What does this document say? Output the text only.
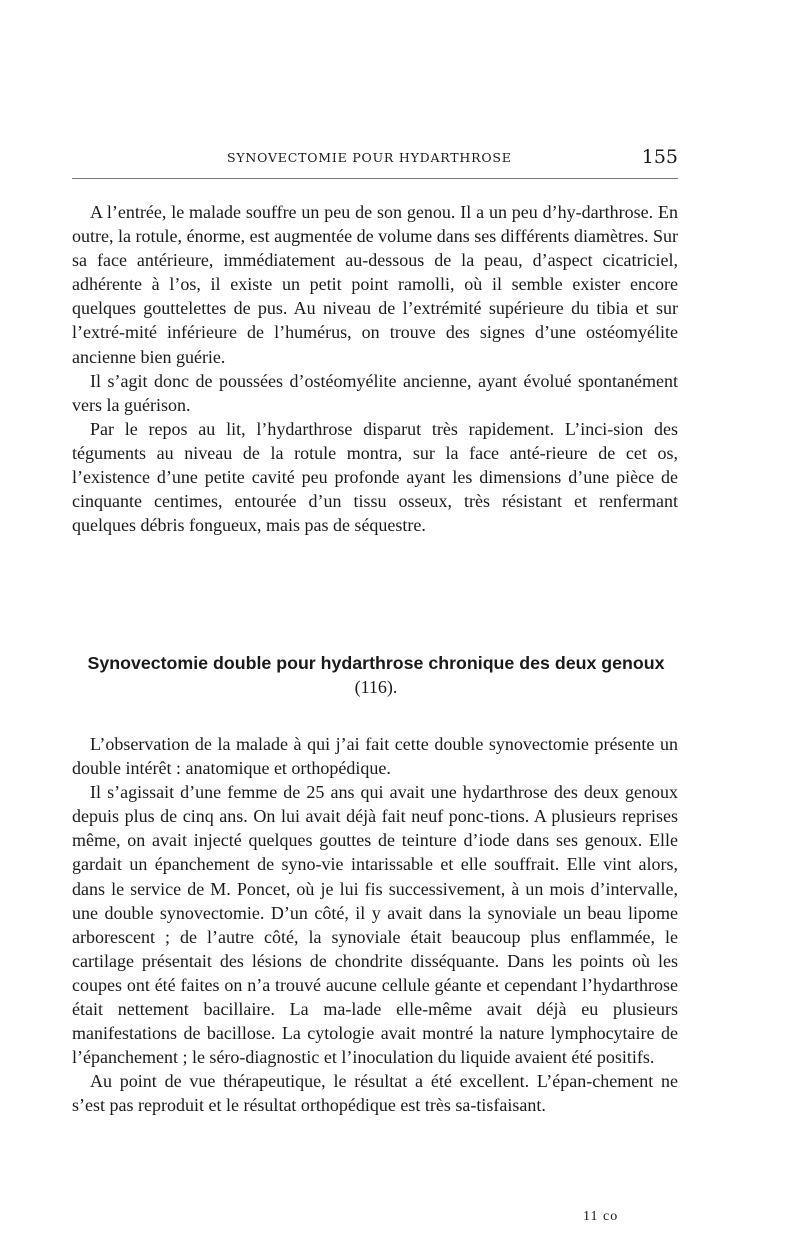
SYNOVECTOMIE POUR HYDARTHROSE	155

A l’entrée, le malade souffre un peu de son genou. Il a un peu d’hy-darthrose. En outre, la rotule, énorme, est augmentée de volume dans ses différents diamètres. Sur sa face antérieure, immédiatement au-dessous de la peau, d’aspect cicatriciel, adhérente à l’os, il existe un petit point ramolli, où il semble exister encore quelques gouttelettes de pus. Au niveau de l’extrémité supérieure du tibia et sur l’extré-mité inférieure de l’humérus, on trouve des signes d’une ostéomyélite ancienne bien guérie.

Il s’agit donc de poussées d’ostéomyélite ancienne, ayant évolué spontanément vers la guérison.

Par le repos au lit, l’hydarthrose disparut très rapidement. L’inci-sion des téguments au niveau de la rotule montra, sur la face anté-rieure de cet os, l’existence d’une petite cavité peu profonde ayant les dimensions d’une pièce de cinquante centimes, entourée d’un tissu osseux, très résistant et renfermant quelques débris fongueux, mais pas de séquestre.

Synovectomie double pour hydarthrose chronique des deux genoux
(116).

L’observation de la malade à qui j’ai fait cette double synovectomie présente un double intérêt : anatomique et orthopédique.

Il s’agissait d’une femme de 25 ans qui avait une hydarthrose des deux genoux depuis plus de cinq ans. On lui avait déjà fait neuf ponc-tions. A plusieurs reprises même, on avait injecté quelques gouttes de teinture d’iode dans ses genoux. Elle gardait un épanchement de syno-vie intarissable et elle souffrait. Elle vint alors, dans le service de M. Poncet, où je lui fis successivement, à un mois d’intervalle, une double synovectomie. D’un côté, il y avait dans la synoviale un beau lipome arborescent ; de l’autre côté, la synoviale était beaucoup plus enflammée, le cartilage présentait des lésions de chondrite disséquante. Dans les points où les coupes ont été faites on n’a trouvé aucune cellule géante et cependant l’hydarthrose était nettement bacillaire. La ma-lade elle-même avait déjà eu plusieurs manifestations de bacillose. La cytologie avait montré la nature lymphocytaire de l’épanchement ; le séro-diagnostic et l’inoculation du liquide avaient été positifs.

Au point de vue thérapeutique, le résultat a été excellent. L’épan-chement ne s’est pas reproduit et le résultat orthopédique est très sa-tisfaisant.

11 co
